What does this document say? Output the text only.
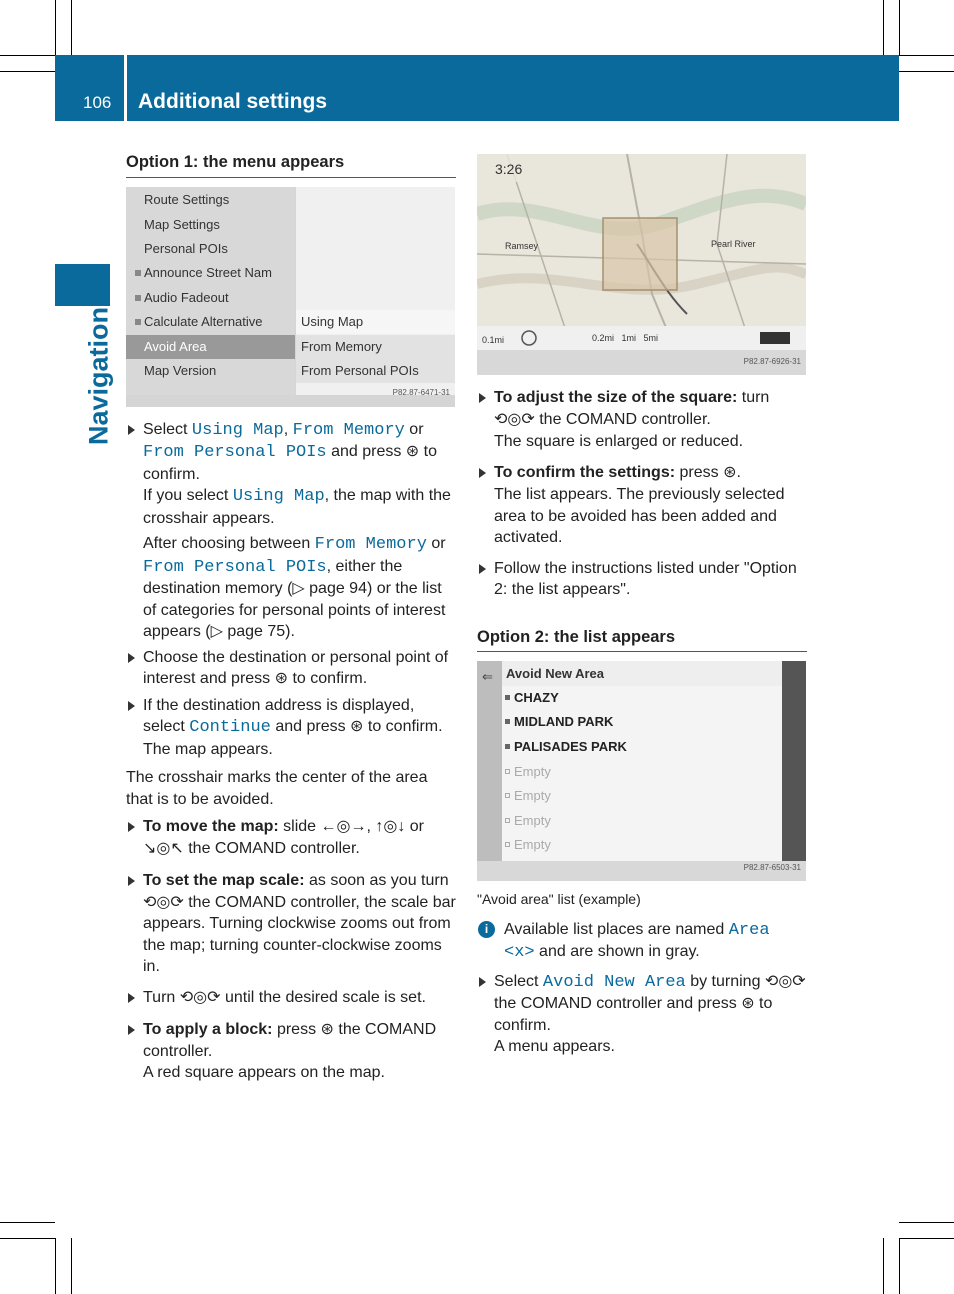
106 Additional settings
Navigation
Option 1: the menu appears
Route Settings
Map Settings
Personal POIs
Announce Street Nam
Audio Fadeout
Calculate Alternative
Avoid Area
Map Version
Using Map
From Memory
From Personal POIs
P82.87-6471-31

Select Using Map, From Memory or From Personal POIs and press ⊛ to confirm.

If you select Using Map, the map with the crosshair appears.

After choosing between From Memory or From Personal POIs, either the destination memory (▷ page 94) or the list of categories for personal points of interest appears (▷ page 75).

Choose the destination or personal point of interest and press ⊛ to confirm.

If the destination address is displayed, select Continue and press ⊛ to confirm.

The map appears.

The crosshair marks the center of the area that is to be avoided.

To move the map: slide ←◎→, ↑◎↓ or ↘◎↖ the COMAND controller.

To set the map scale: as soon as you turn ⟲◎⟳ the COMAND controller, the scale bar appears. Turning clockwise zooms out from the map; turning counter-clockwise zooms in.

Turn ⟲◎⟳ until the desired scale is set.

To apply a block: press ⊛ the COMAND controller.

A red square appears on the map.

3:26
Ramsey	Pearl River
0.1mi	0.2mi   1mi   5mi
P82.87-6926-31

To adjust the size of the square: turn ⟲◎⟳ the COMAND controller.

The square is enlarged or reduced.

To confirm the settings: press ⊛.

The list appears. The previously selected area to be avoided has been added and activated.

Follow the instructions listed under "Option 2: the list appears".

Option 2: the list appears
⇐	Avoid New Area
CHAZY
MIDLAND PARK
PALISADES PARK
Empty
Empty
Empty
Empty
P82.87-6503-31

"Avoid area" list (example)

i Available list places are named Area <x> and are shown in gray.

Select Avoid New Area by turning ⟲◎⟳ the COMAND controller and press ⊛ to confirm.

A menu appears.
